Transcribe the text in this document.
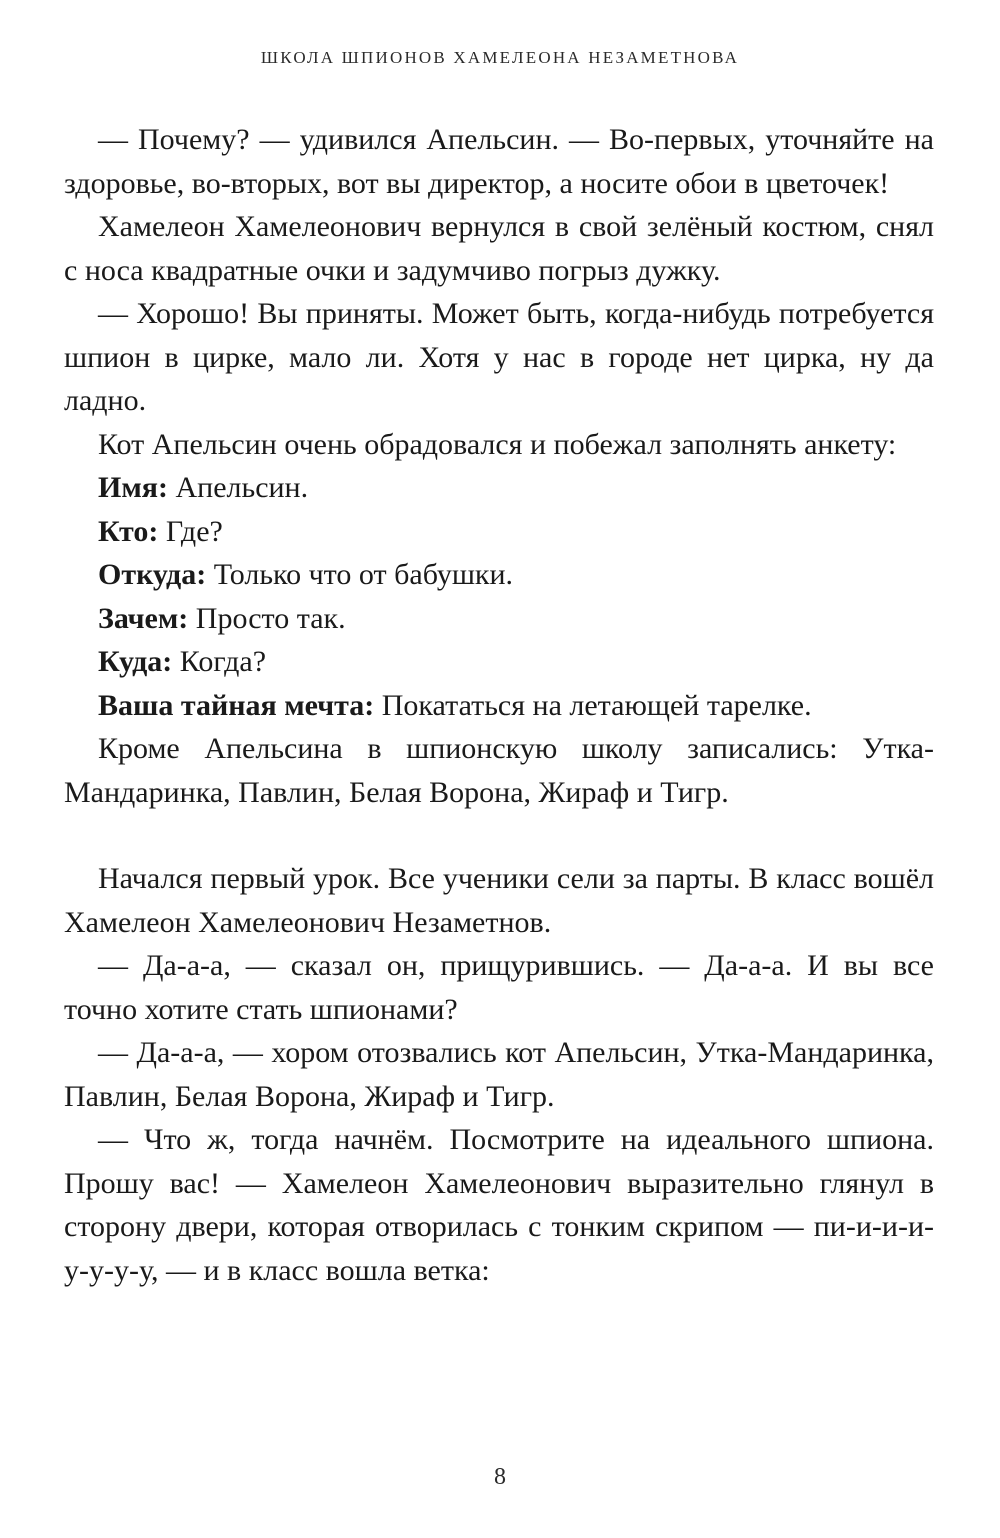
ШКОЛА ШПИОНОВ ХАМЕЛЕОНА НЕЗАМЕТНОВА

— Почему? — удивился Апельсин. — Во-первых, уточняйте на здоровье, во-вторых, вот вы директор, а носите обои в цветочек!

Хамелеон Хамелеонович вернулся в свой зелёный костюм, снял с носа квадратные очки и задумчиво погрыз дужку.

— Хорошо! Вы приняты. Может быть, когда-нибудь потребуется шпион в цирке, мало ли. Хотя у нас в городе нет цирка, ну да ладно.

Кот Апельсин очень обрадовался и побежал заполнять анкету:

Имя: Апельсин.

Кто: Где?

Откуда: Только что от бабушки.

Зачем: Просто так.

Куда: Когда?

Ваша тайная мечта: Покататься на летающей тарелке.

Кроме Апельсина в шпионскую школу записались: Утка-Мандаринка, Павлин, Белая Ворона, Жираф и Тигр.

Начался первый урок. Все ученики сели за парты. В класс вошёл Хамелеон Хамелеонович Незаметнов.

— Да-а-а, — сказал он, прищурившись. — Да-а-а. И вы все точно хотите стать шпионами?

— Да-а-а, — хором отозвались кот Апельсин, Утка-Мандаринка, Павлин, Белая Ворона, Жираф и Тигр.

— Что ж, тогда начнём. Посмотрите на идеального шпиона. Прошу вас! — Хамелеон Хамелеонович выразительно глянул в сторону двери, которая отворилась с тонким скрипом — пи-и-и-и-у-у-у-у, — и в класс вошла ветка:

8
